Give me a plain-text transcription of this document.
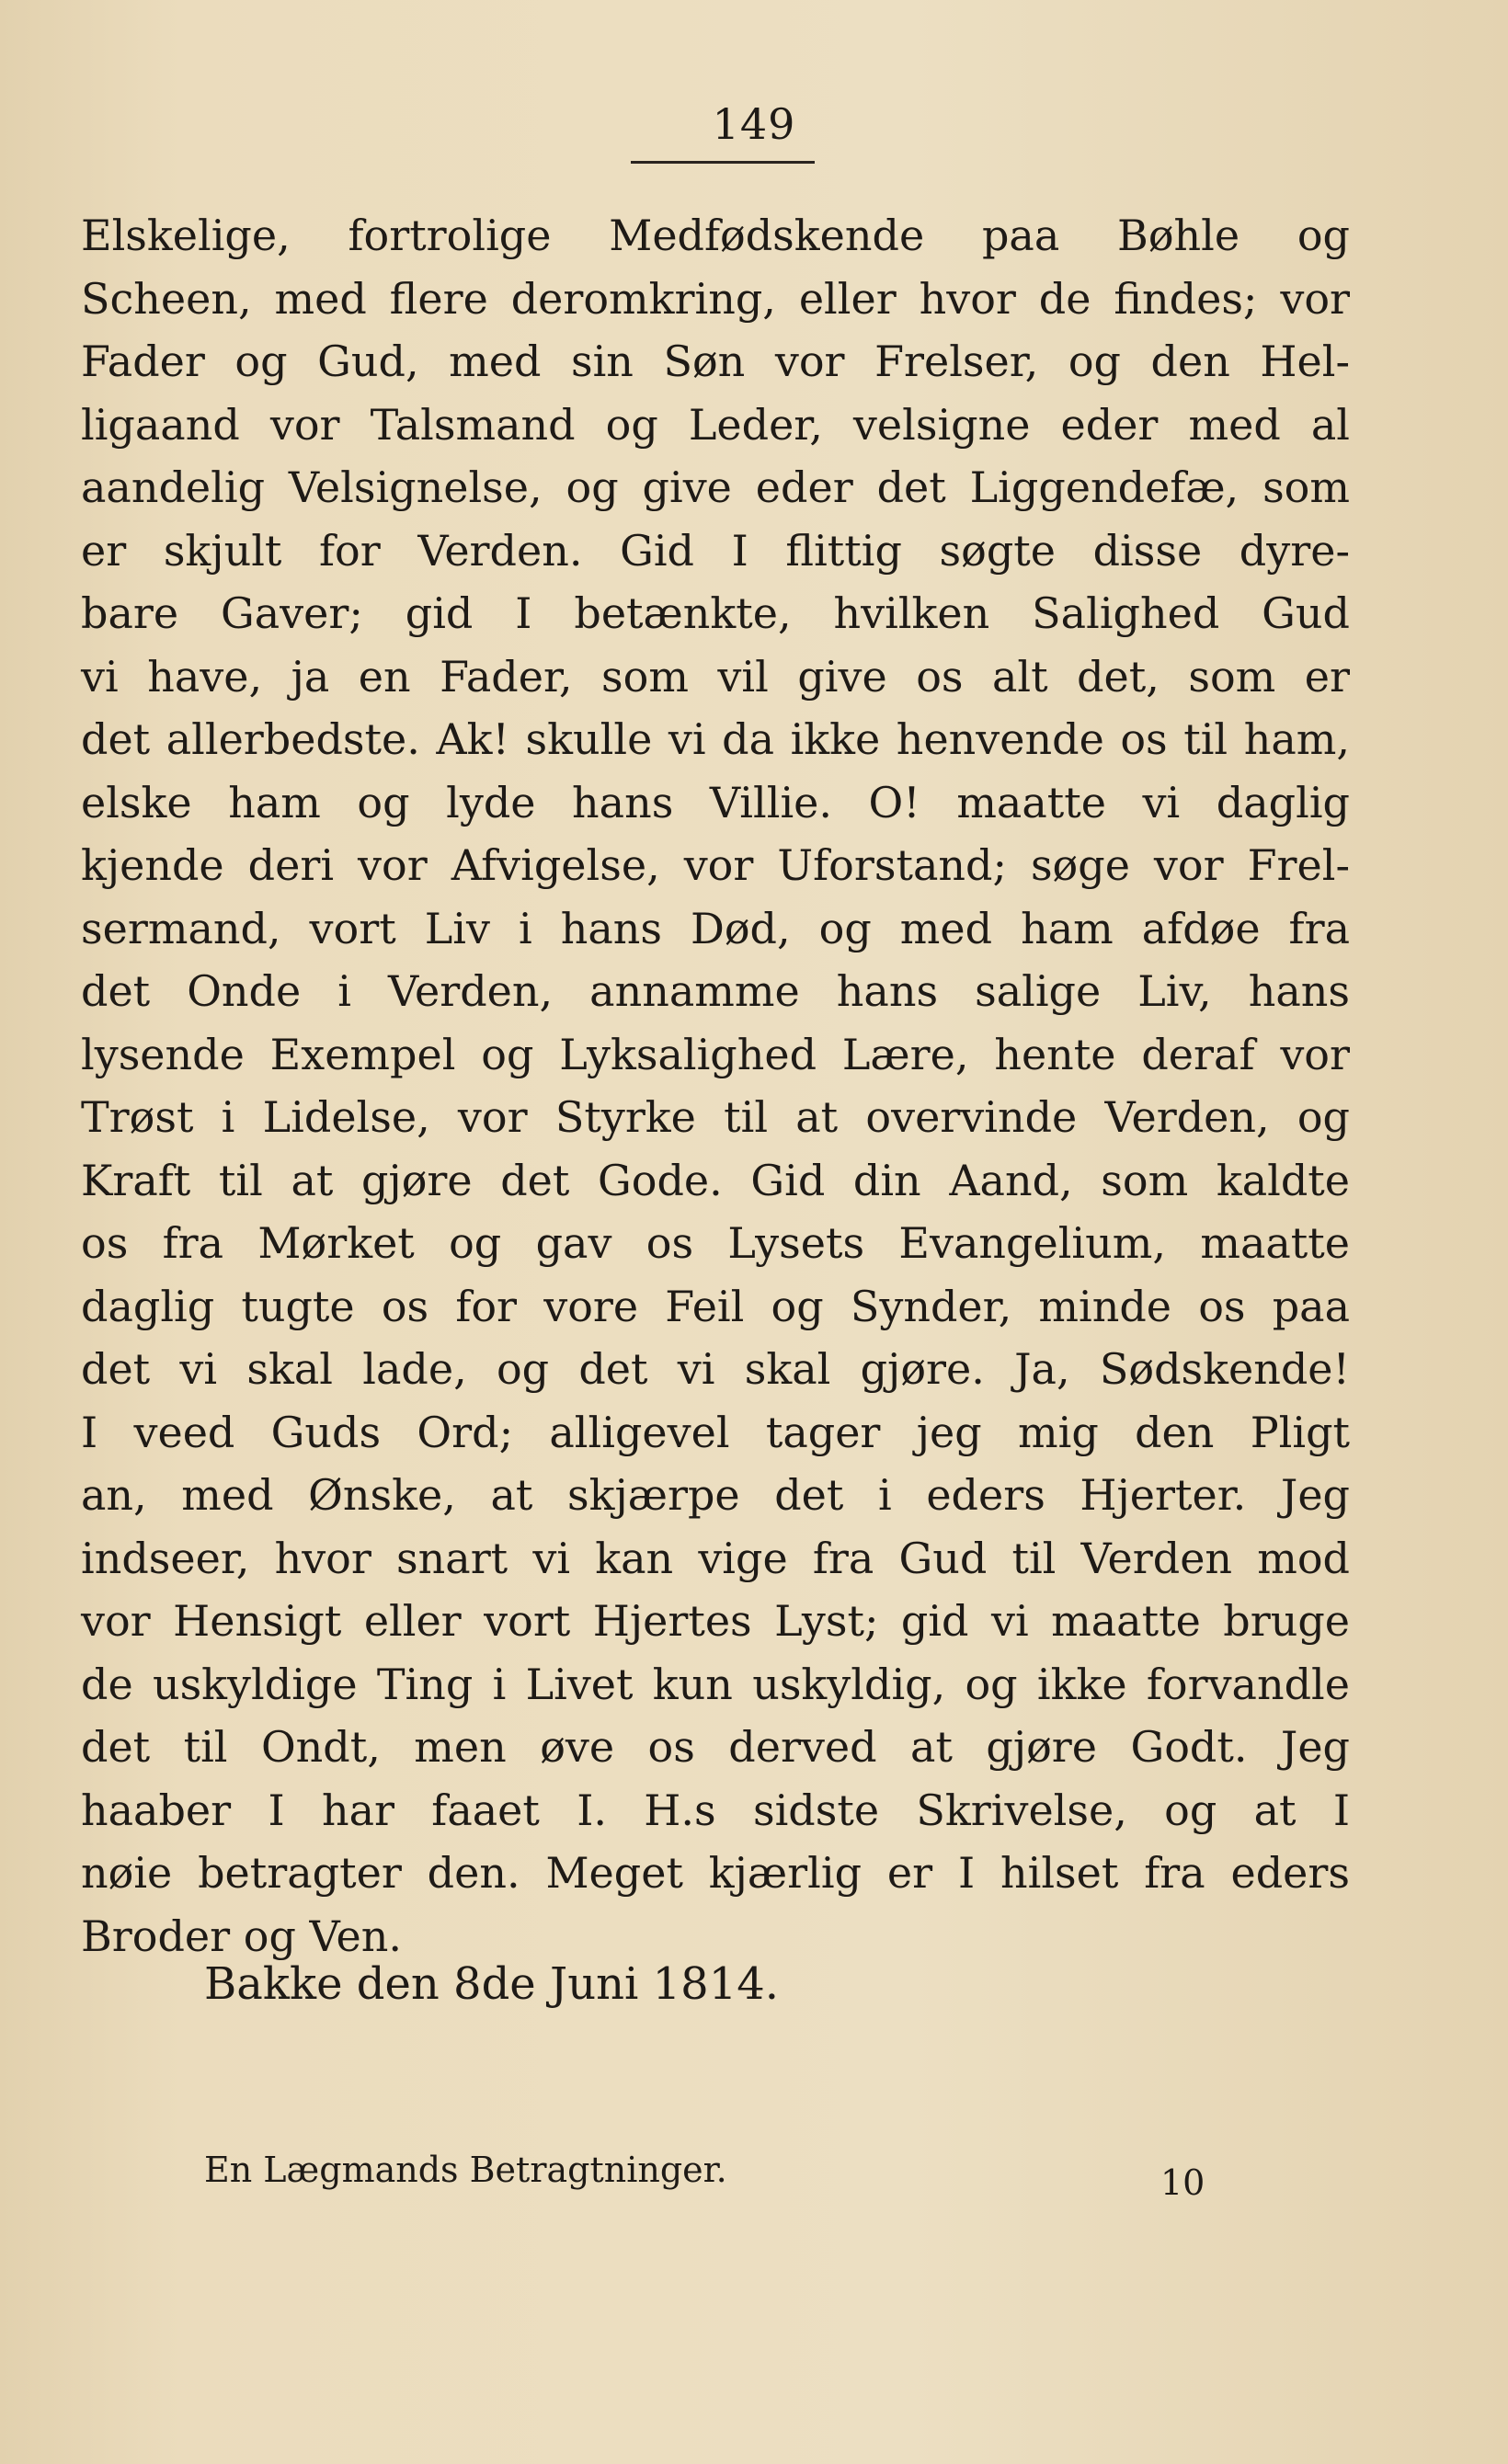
149
Elskelige, fortrolige Medfødskende paa Bøhle og
Scheen, med flere deromkring, eller hvor de findes; vor
Fader og Gud, med sin Søn vor Frelser, og den Hel-
ligaand vor Talsmand og Leder, velsigne eder med al
aandelig Velsignelse, og give eder det Liggendefæ, som
er skjult for Verden. Gid I flittig søgte disse dyre-
bare Gaver; gid I betænkte, hvilken Salighed Gud
vi have, ja en Fader, som vil give os alt det, som er
det allerbedste. Ak! skulle vi da ikke henvende os til ham,
elske ham og lyde hans Villie. O! maatte vi daglig
kjende deri vor Afvigelse, vor Uforstand; søge vor Frel-
sermand, vort Liv i hans Død, og med ham afdøe fra
det Onde i Verden, annamme hans salige Liv, hans
lysende Exempel og Lyksalighed Lære, hente deraf vor
Trøst i Lidelse, vor Styrke til at overvinde Verden, og
Kraft til at gjøre det Gode. Gid din Aand, som kaldte
os fra Mørket og gav os Lysets Evangelium, maatte
daglig tugte os for vore Feil og Synder, minde os paa
det vi skal lade, og det vi skal gjøre. Ja, Sødskende!
I veed Guds Ord; alligevel tager jeg mig den Pligt
an, med Ønske, at skjærpe det i eders Hjerter. Jeg
indseer, hvor snart vi kan vige fra Gud til Verden mod
vor Hensigt eller vort Hjertes Lyst; gid vi maatte bruge
de uskyldige Ting i Livet kun uskyldig, og ikke forvandle
det til Ondt, men øve os derved at gjøre Godt. Jeg
haaber I har faaet I. H.s sidste Skrivelse, og at I
nøie betragter den. Meget kjærlig er I hilset fra eders
Broder og Ven.
Bakke den 8de Juni 1814.
En Lægmands Betragtninger.	10
